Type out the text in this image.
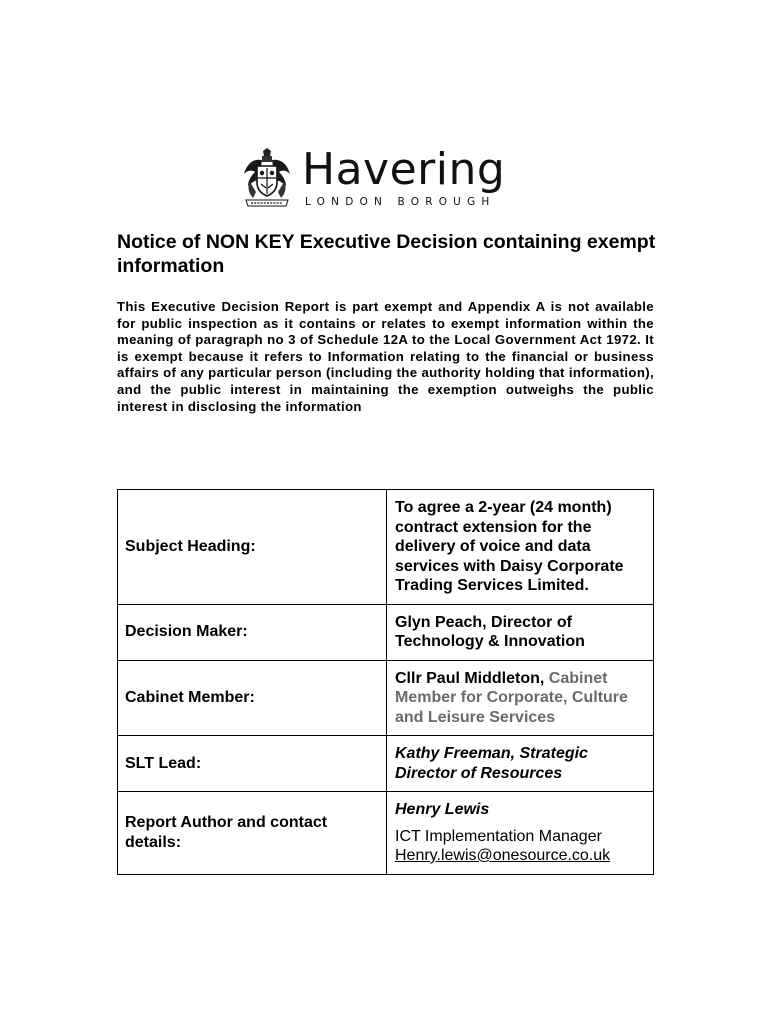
Havering
LONDON BOROUGH
Notice of NON KEY Executive Decision containing exempt information

This Executive Decision Report is part exempt and Appendix A is not available for public inspection as it contains or relates to exempt information within the meaning of paragraph no 3 of Schedule 12A to the Local Government Act 1972. It is exempt because it refers to Information relating to the financial or business affairs of any particular person (including the authority holding that information), and the public interest in maintaining the exemption outweighs the public interest in disclosing the information

Subject Heading:	To agree a 2-year (24 month) contract extension for the delivery of voice and data services with Daisy Corporate Trading Services Limited.
Decision Maker:	Glyn Peach, Director of Technology & Innovation
Cabinet Member:	Cllr Paul Middleton, Cabinet Member for Corporate, Culture and Leisure Services
SLT Lead:	Kathy Freeman, Strategic Director of Resources
Report Author and contact details:	Henry Lewis
ICT Implementation Manager
Henry.lewis@onesource.co.uk
